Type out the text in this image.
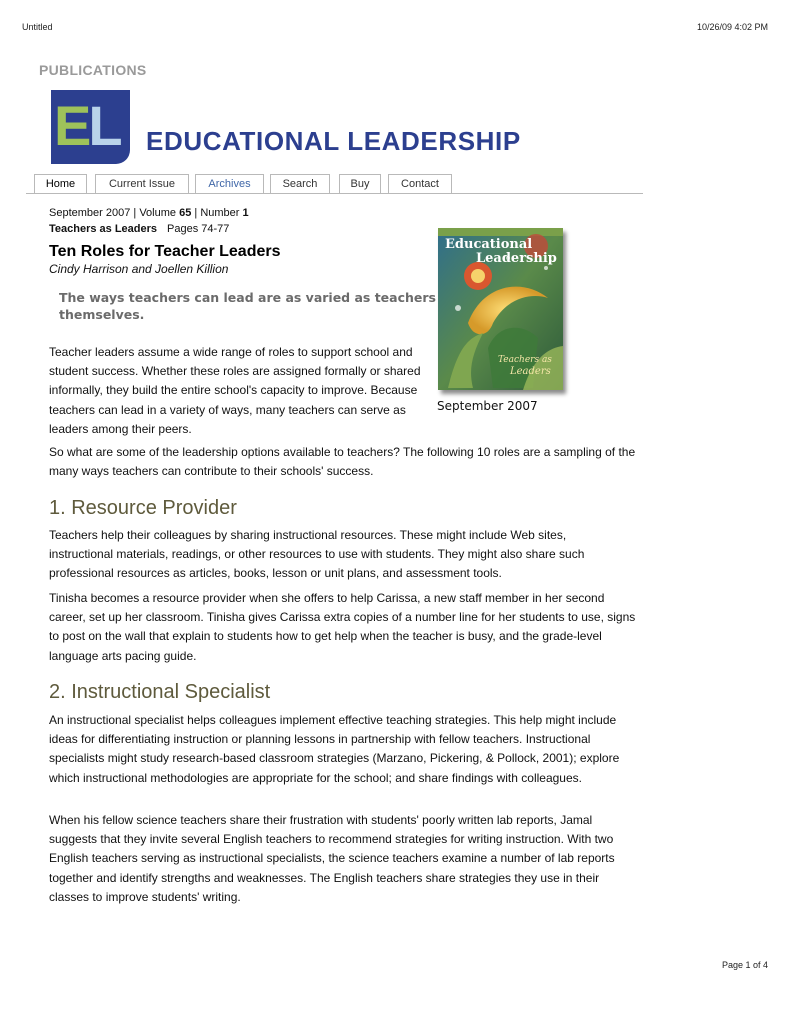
Untitled	10/26/09 4:02 PM
PUBLICATIONS
EL EDUCATIONAL LEADERSHIP
Home	Current Issue	Archives	Search	Buy	Contact
September 2007 | Volume 65 | Number 1
Teachers as Leaders Pages 74-77
Ten Roles for Teacher Leaders
Cindy Harrison and Joellen Killion
The ways teachers can lead are as varied as teachers themselves.
Educational
Leadership
Teachers as
Leaders
September 2007

Teacher leaders assume a wide range of roles to support school and student success. Whether these roles are assigned formally or shared informally, they build the entire school's capacity to improve. Because teachers can lead in a variety of ways, many teachers can serve as leaders among their peers.

So what are some of the leadership options available to teachers? The following 10 roles are a sampling of the many ways teachers can contribute to their schools' success.

1. Resource Provider

Teachers help their colleagues by sharing instructional resources. These might include Web sites, instructional materials, readings, or other resources to use with students. They might also share such professional resources as articles, books, lesson or unit plans, and assessment tools.

Tinisha becomes a resource provider when she offers to help Carissa, a new staff member in her second career, set up her classroom. Tinisha gives Carissa extra copies of a number line for her students to use, signs to post on the wall that explain to students how to get help when the teacher is busy, and the grade-level language arts pacing guide.

2. Instructional Specialist

An instructional specialist helps colleagues implement effective teaching strategies. This help might include ideas for differentiating instruction or planning lessons in partnership with fellow teachers. Instructional specialists might study research-based classroom strategies (Marzano, Pickering, & Pollock, 2001); explore which instructional methodologies are appropriate for the school; and share findings with colleagues.

When his fellow science teachers share their frustration with students' poorly written lab reports, Jamal suggests that they invite several English teachers to recommend strategies for writing instruction. With two English teachers serving as instructional specialists, the science teachers examine a number of lab reports together and identify strengths and weaknesses. The English teachers share strategies they use in their classes to improve students' writing.

Page 1 of 4
